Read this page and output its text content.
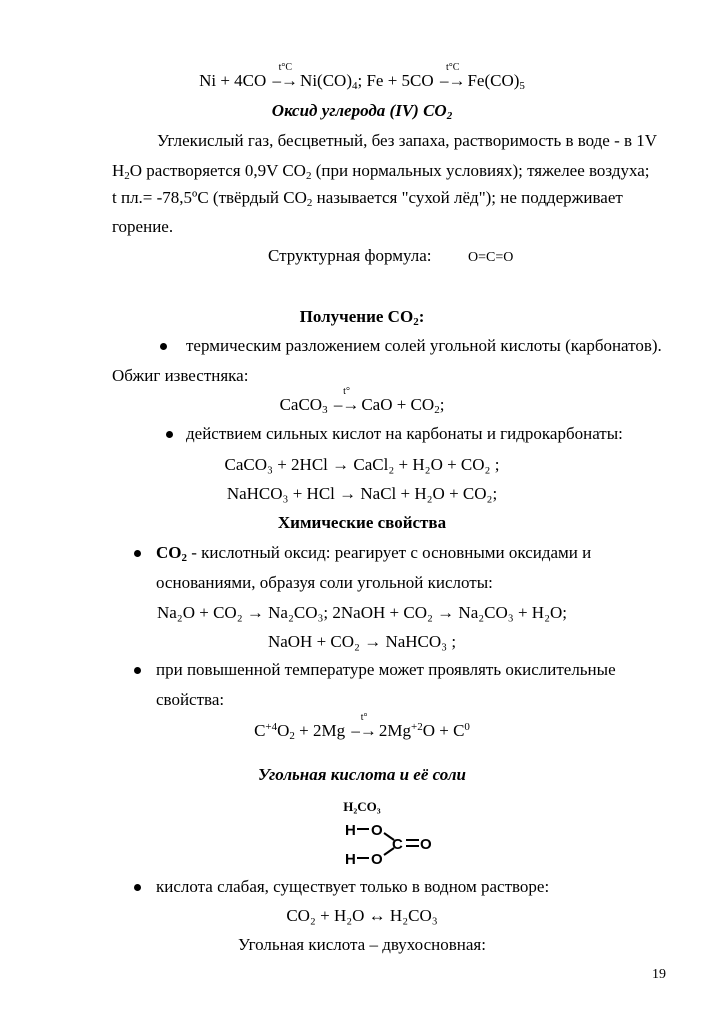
Ni + 4CO
t°C
–→ $Ni(CO)_4$; Fe + 5CO
t°C
–→ $Fe(CO)_5$
Оксид углерода (IV) $CO_2$
Углекислый газ, бесцветный, без запаха, растворимость в воде - в 1V
$H_2O$ растворяется 0,9V $CO_2$ (при нормальных условиях); тяжелее воздуха;
t пл.= -78,5ºС (твёрдый $CO_2$ называется "сухой лёд"); не поддерживает
горение.
Структурная формула:	O=C=O
Получение $CO_2$:
термическим разложением солей угольной кислоты (карбонатов).
Обжиг известняка:
CaCO$_3$
t°
–→ CaO + $CO_2$;
действием сильных кислот на карбонаты и гидрокарбонаты:
CaCO₃ + 2HCl → CaCl₂ + H₂O + CO₂ ;
NaHCO₃ + HCl → NaCl + H₂O + CO₂;
Химические свойства
$CO_2$ - кислотный оксид: реагирует с основными оксидами и
основаниями, образуя соли угольной кислоты:
Na₂O + CO₂ → Na₂CO₃; 2NaOH + CO₂ → Na₂CO₃ + H₂O;
NaOH + CO₂ → NaHCO₃ ;
при повышенной температуре может проявлять окислительные
свойства:
$C^{+4}O_2 + 2Mg$
t°
–→ $2Mg^{+2}O + C^0$
Угольная кислота и её соли
H₂CO₃
H O
H O
C O
кислота слабая, существует только в водном растворе:
CO₂ + H₂O ↔ H₂CO₃
Угольная кислота – двухосновная:
19
